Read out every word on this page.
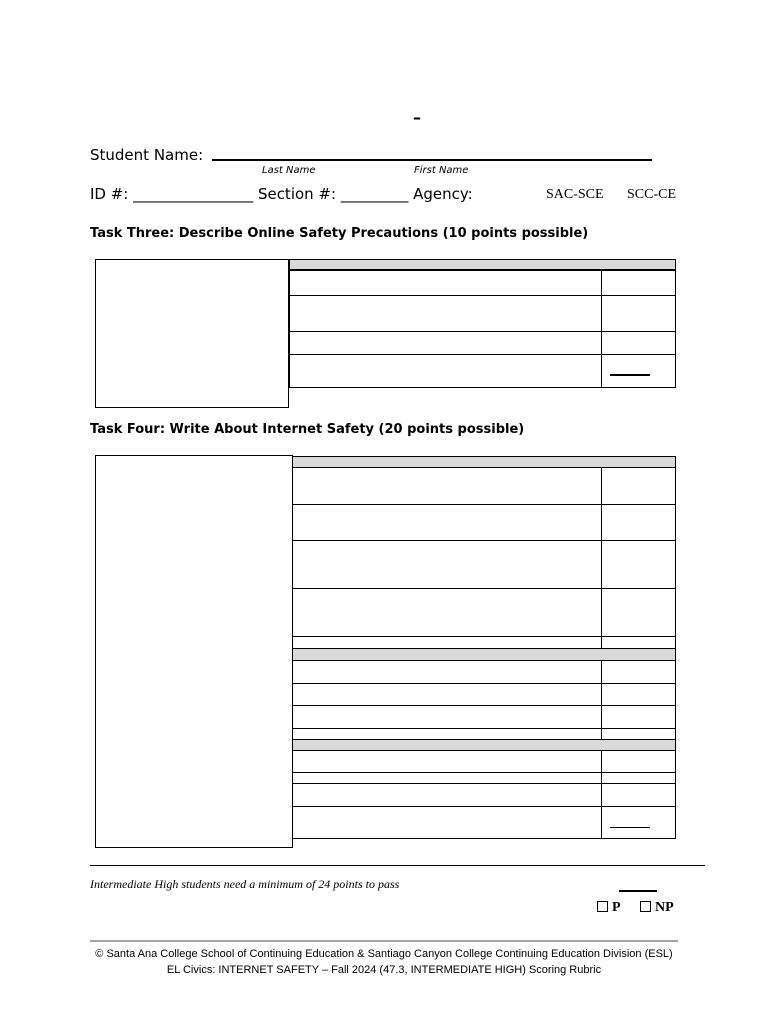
–
Student Name:
Last Name	First Name
ID #: ________________ Section #: _________ Agency:	SAC-SCE SCC-CE
Task Three: Describe Online Safety Precautions (10 points possible)
Task Four: Write About Internet Safety (20 points possible)
Intermediate High students need a minimum of 24 points to pass
P	NP
© Santa Ana College School of Continuing Education & Santiago Canyon College Continuing Education Division (ESL)
EL Civics: INTERNET SAFETY – Fall 2024 (47.3, INTERMEDIATE HIGH) Scoring Rubric
